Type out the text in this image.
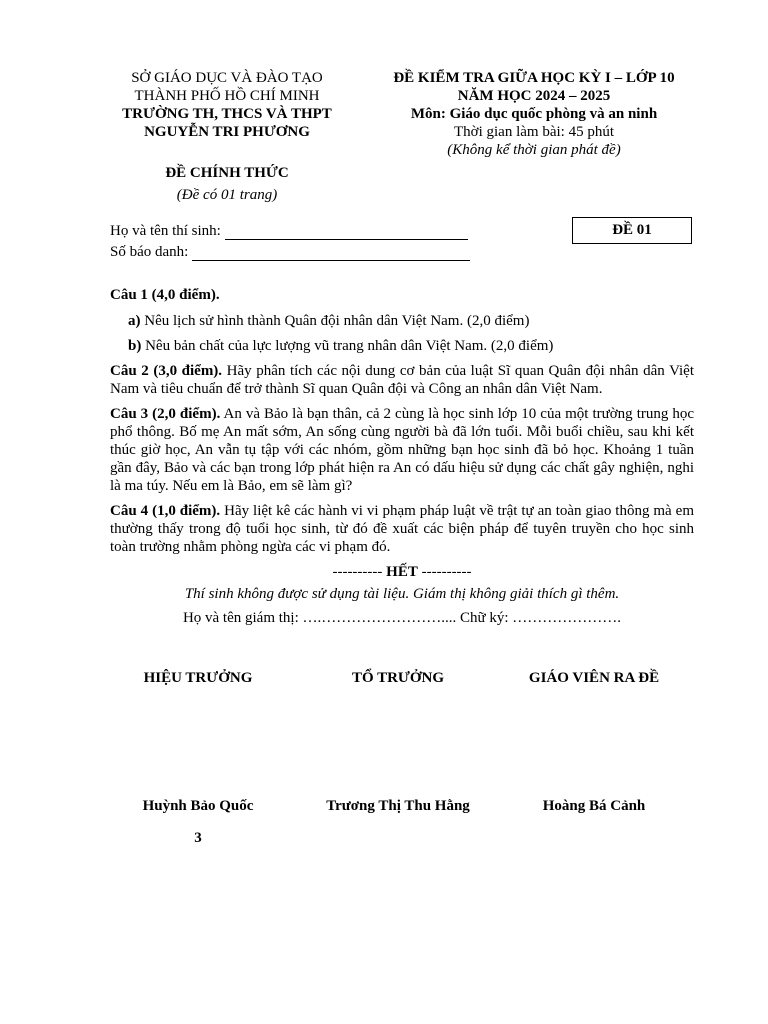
SỞ GIÁO DỤC VÀ ĐÀO TẠO
THÀNH PHỐ HỒ CHÍ MINH
TRƯỜNG TH, THCS VÀ THPT
NGUYỄN TRI PHƯƠNG
ĐỀ KIỂM TRA GIỮA HỌC KỲ I – LỚP 10
NĂM HỌC 2024 – 2025
Môn: Giáo dục quốc phòng và an ninh
Thời gian làm bài: 45 phút
(Không kể thời gian phát đề)
ĐỀ CHÍNH THỨC
(Đề có 01 trang)
Họ và tên thí sinh:
Số báo danh:
ĐỀ 01

Câu 1 (4,0 điểm).

a) Nêu lịch sử hình thành Quân đội nhân dân Việt Nam. (2,0 điểm)

b) Nêu bản chất của lực lượng vũ trang nhân dân Việt Nam. (2,0 điểm)

Câu 2 (3,0 điểm). Hãy phân tích các nội dung cơ bản của luật Sĩ quan Quân đội nhân dân Việt Nam và tiêu chuẩn để trở thành Sĩ quan Quân đội và Công an nhân dân Việt Nam.

Câu 3 (2,0 điểm). An và Bảo là bạn thân, cả 2 cùng là học sinh lớp 10 của một trường trung học phổ thông. Bố mẹ An mất sớm, An sống cùng người bà đã lớn tuổi. Mỗi buổi chiều, sau khi kết thúc giờ học, An vẫn tụ tập với các nhóm, gồm những bạn học sinh đã bỏ học. Khoảng 1 tuần gần đây, Bảo và các bạn trong lớp phát hiện ra An có dấu hiệu sử dụng các chất gây nghiện, nghi là ma túy. Nếu em là Bảo, em sẽ làm gì?

Câu 4 (1,0 điểm). Hãy liệt kê các hành vi vi phạm pháp luật về trật tự an toàn giao thông mà em thường thấy trong độ tuổi học sinh, từ đó đề xuất các biện pháp để tuyên truyền cho học sinh toàn trường nhằm phòng ngừa các vi phạm đó.

---------- HẾT ----------

Thí sinh không được sử dụng tài liệu. Giám thị không giải thích gì thêm.

Họ và tên giám thị: ….…………………….... Chữ ký: ………………….

HIỆU TRƯỞNG	TỔ TRƯỞNG	GIÁO VIÊN RA ĐỀ
Huỳnh Bảo Quốc	Trương Thị Thu Hằng	Hoàng Bá Cảnh
3
